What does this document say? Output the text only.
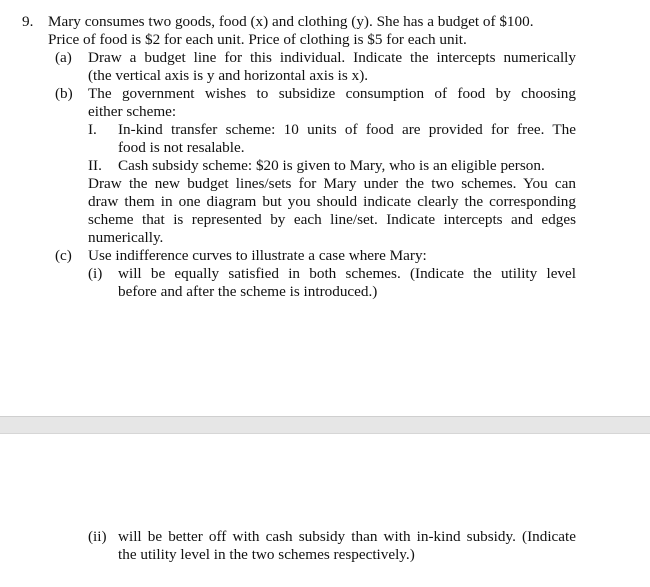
9. Mary consumes two goods, food (x) and clothing (y). She has a budget of $100.
Price of food is $2 for each unit. Price of clothing is $5 for each unit.
(a) Draw a budget line for this individual. Indicate the intercepts numerically
(the vertical axis is y and horizontal axis is x).
(b) The government wishes to subsidize consumption of food by choosing
either scheme:
I. In-kind transfer scheme: 10 units of food are provided for free. The
food is not resalable.
II. Cash subsidy scheme: $20 is given to Mary, who is an eligible person.
Draw the new budget lines/sets for Mary under the two schemes. You can
draw them in one diagram but you should indicate clearly the corresponding
scheme that is represented by each line/set. Indicate intercepts and edges
numerically.
(c) Use indifference curves to illustrate a case where Mary:
(i) will be equally satisfied in both schemes. (Indicate the utility level
before and after the scheme is introduced.)
(ii) will be better off with cash subsidy than with in-kind subsidy. (Indicate
the utility level in the two schemes respectively.)
